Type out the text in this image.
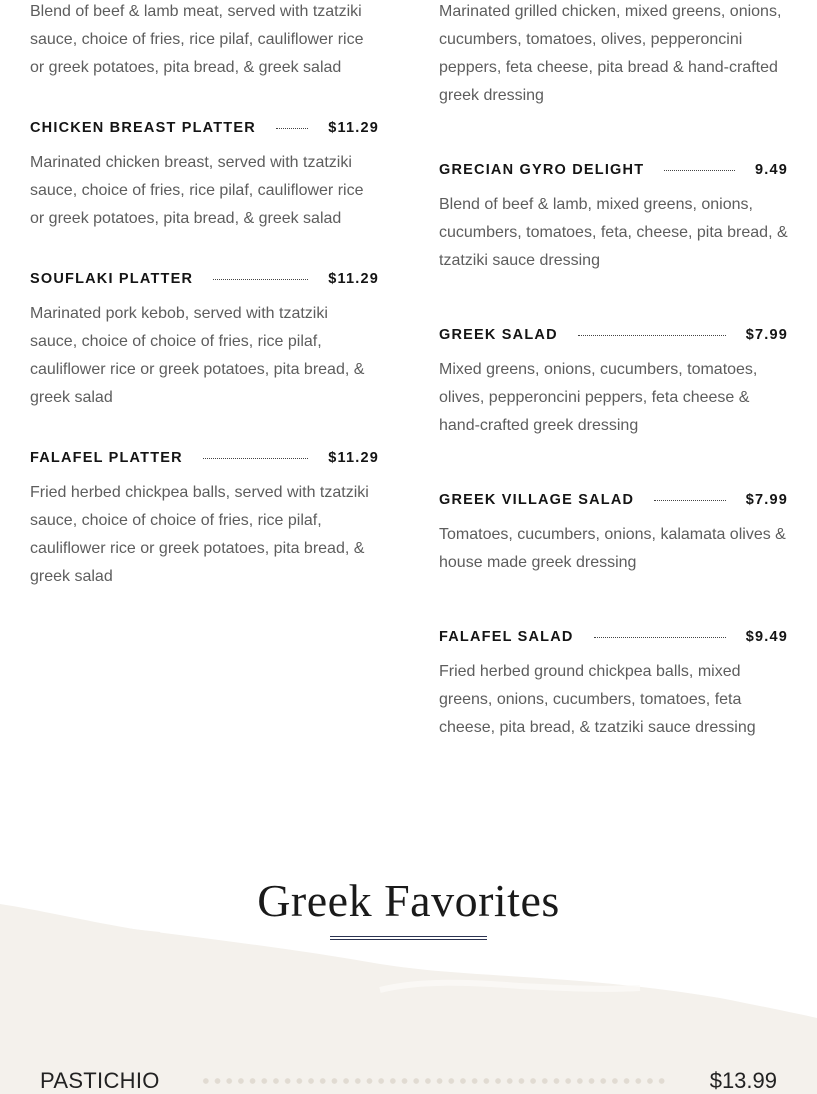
Blend of beef & lamb meat, served with tzatziki sauce, choice of fries, rice pilaf, cauliflower rice or greek potatoes, pita bread, & greek salad

CHICKEN BREAST PLATTER	$11.29

Marinated chicken breast, served with tzatziki sauce, choice of fries, rice pilaf, cauliflower rice or greek potatoes, pita bread, & greek salad

SOUFLAKI PLATTER	$11.29

Marinated pork kebob, served with tzatziki sauce, choice of choice of fries, rice pilaf, cauliflower rice or greek potatoes, pita bread, & greek salad

FALAFEL PLATTER	$11.29

Fried herbed chickpea balls, served with tzatziki sauce, choice of choice of fries, rice pilaf, cauliflower rice or greek potatoes, pita bread, & greek salad

Marinated grilled chicken, mixed greens, onions, cucumbers, tomatoes, olives, pepperoncini peppers, feta cheese, pita bread & hand-crafted greek dressing

GRECIAN GYRO DELIGHT	9.49

Blend of beef & lamb, mixed greens, onions, cucumbers, tomatoes, feta, cheese, pita bread, & tzatziki sauce dressing

GREEK SALAD	$7.99

Mixed greens, onions, cucumbers, tomatoes, olives, pepperoncini peppers, feta cheese & hand-crafted greek dressing

GREEK VILLAGE SALAD	$7.99

Tomatoes, cucumbers, onions, kalamata olives & house made greek dressing

FALAFEL SALAD	$9.49

Fried herbed ground chickpea balls, mixed greens, onions, cucumbers, tomatoes, feta cheese, pita bread, & tzatziki sauce dressing

Greek Favorites
PASTICHIO	$13.99
